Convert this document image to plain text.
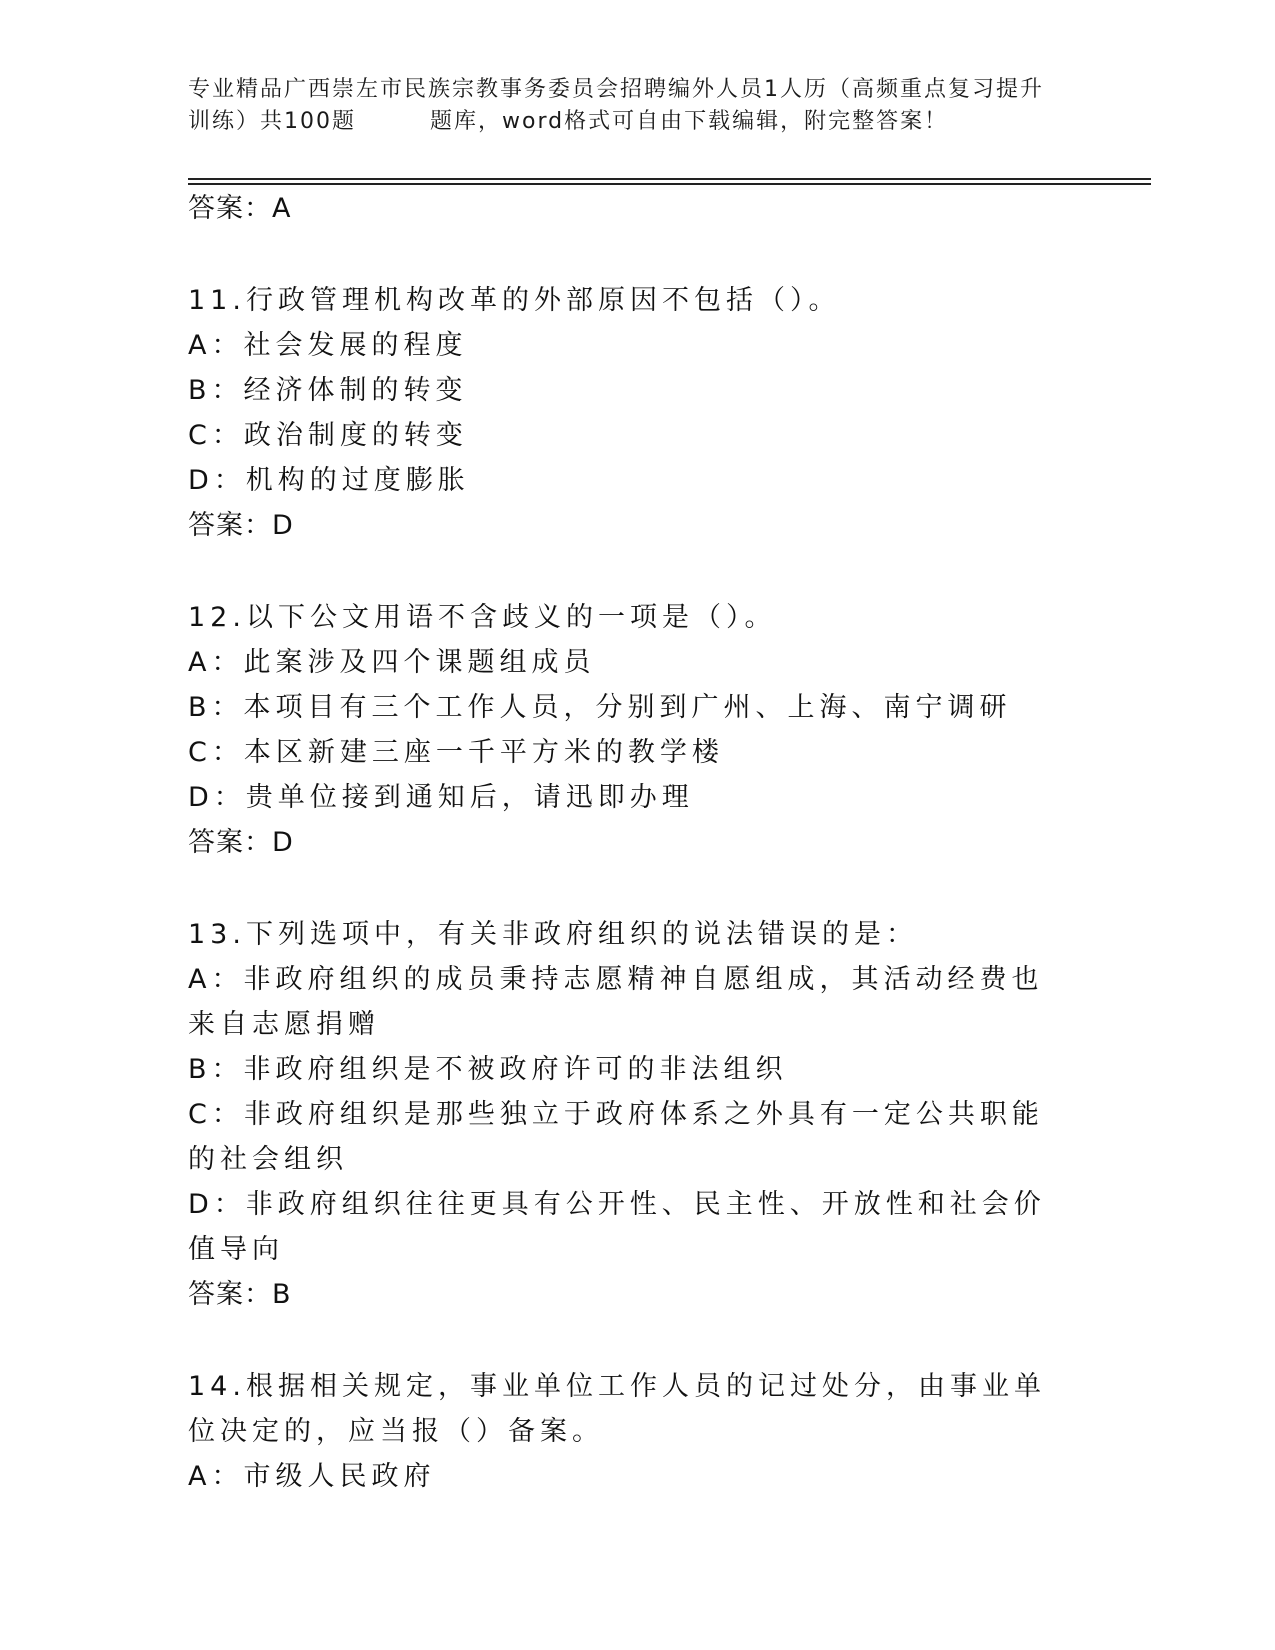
专业精品广西崇左市民族宗教事务委员会招聘编外人员1人历（高频重点复习提升
训练）共100题	题库，word格式可自由下载编辑，附完整答案！
答案：A
11.行政管理机构改革的外部原因不包括（）。
A：社会发展的程度
B：经济体制的转变
C：政治制度的转变
D：机构的过度膨胀
答案：D
12.以下公文用语不含歧义的一项是（）。
A：此案涉及四个课题组成员
B：本项目有三个工作人员，分别到广州、上海、南宁调研
C：本区新建三座一千平方米的教学楼
D：贵单位接到通知后，请迅即办理
答案：D
13.下列选项中，有关非政府组织的说法错误的是：
A：非政府组织的成员秉持志愿精神自愿组成，其活动经费也来自志愿捐赠
B：非政府组织是不被政府许可的非法组织
C：非政府组织是那些独立于政府体系之外具有一定公共职能的社会组织
D：非政府组织往往更具有公开性、民主性、开放性和社会价值导向
答案：B
14.根据相关规定，事业单位工作人员的记过处分，由事业单位决定的，应当报（）备案。
A：市级人民政府
